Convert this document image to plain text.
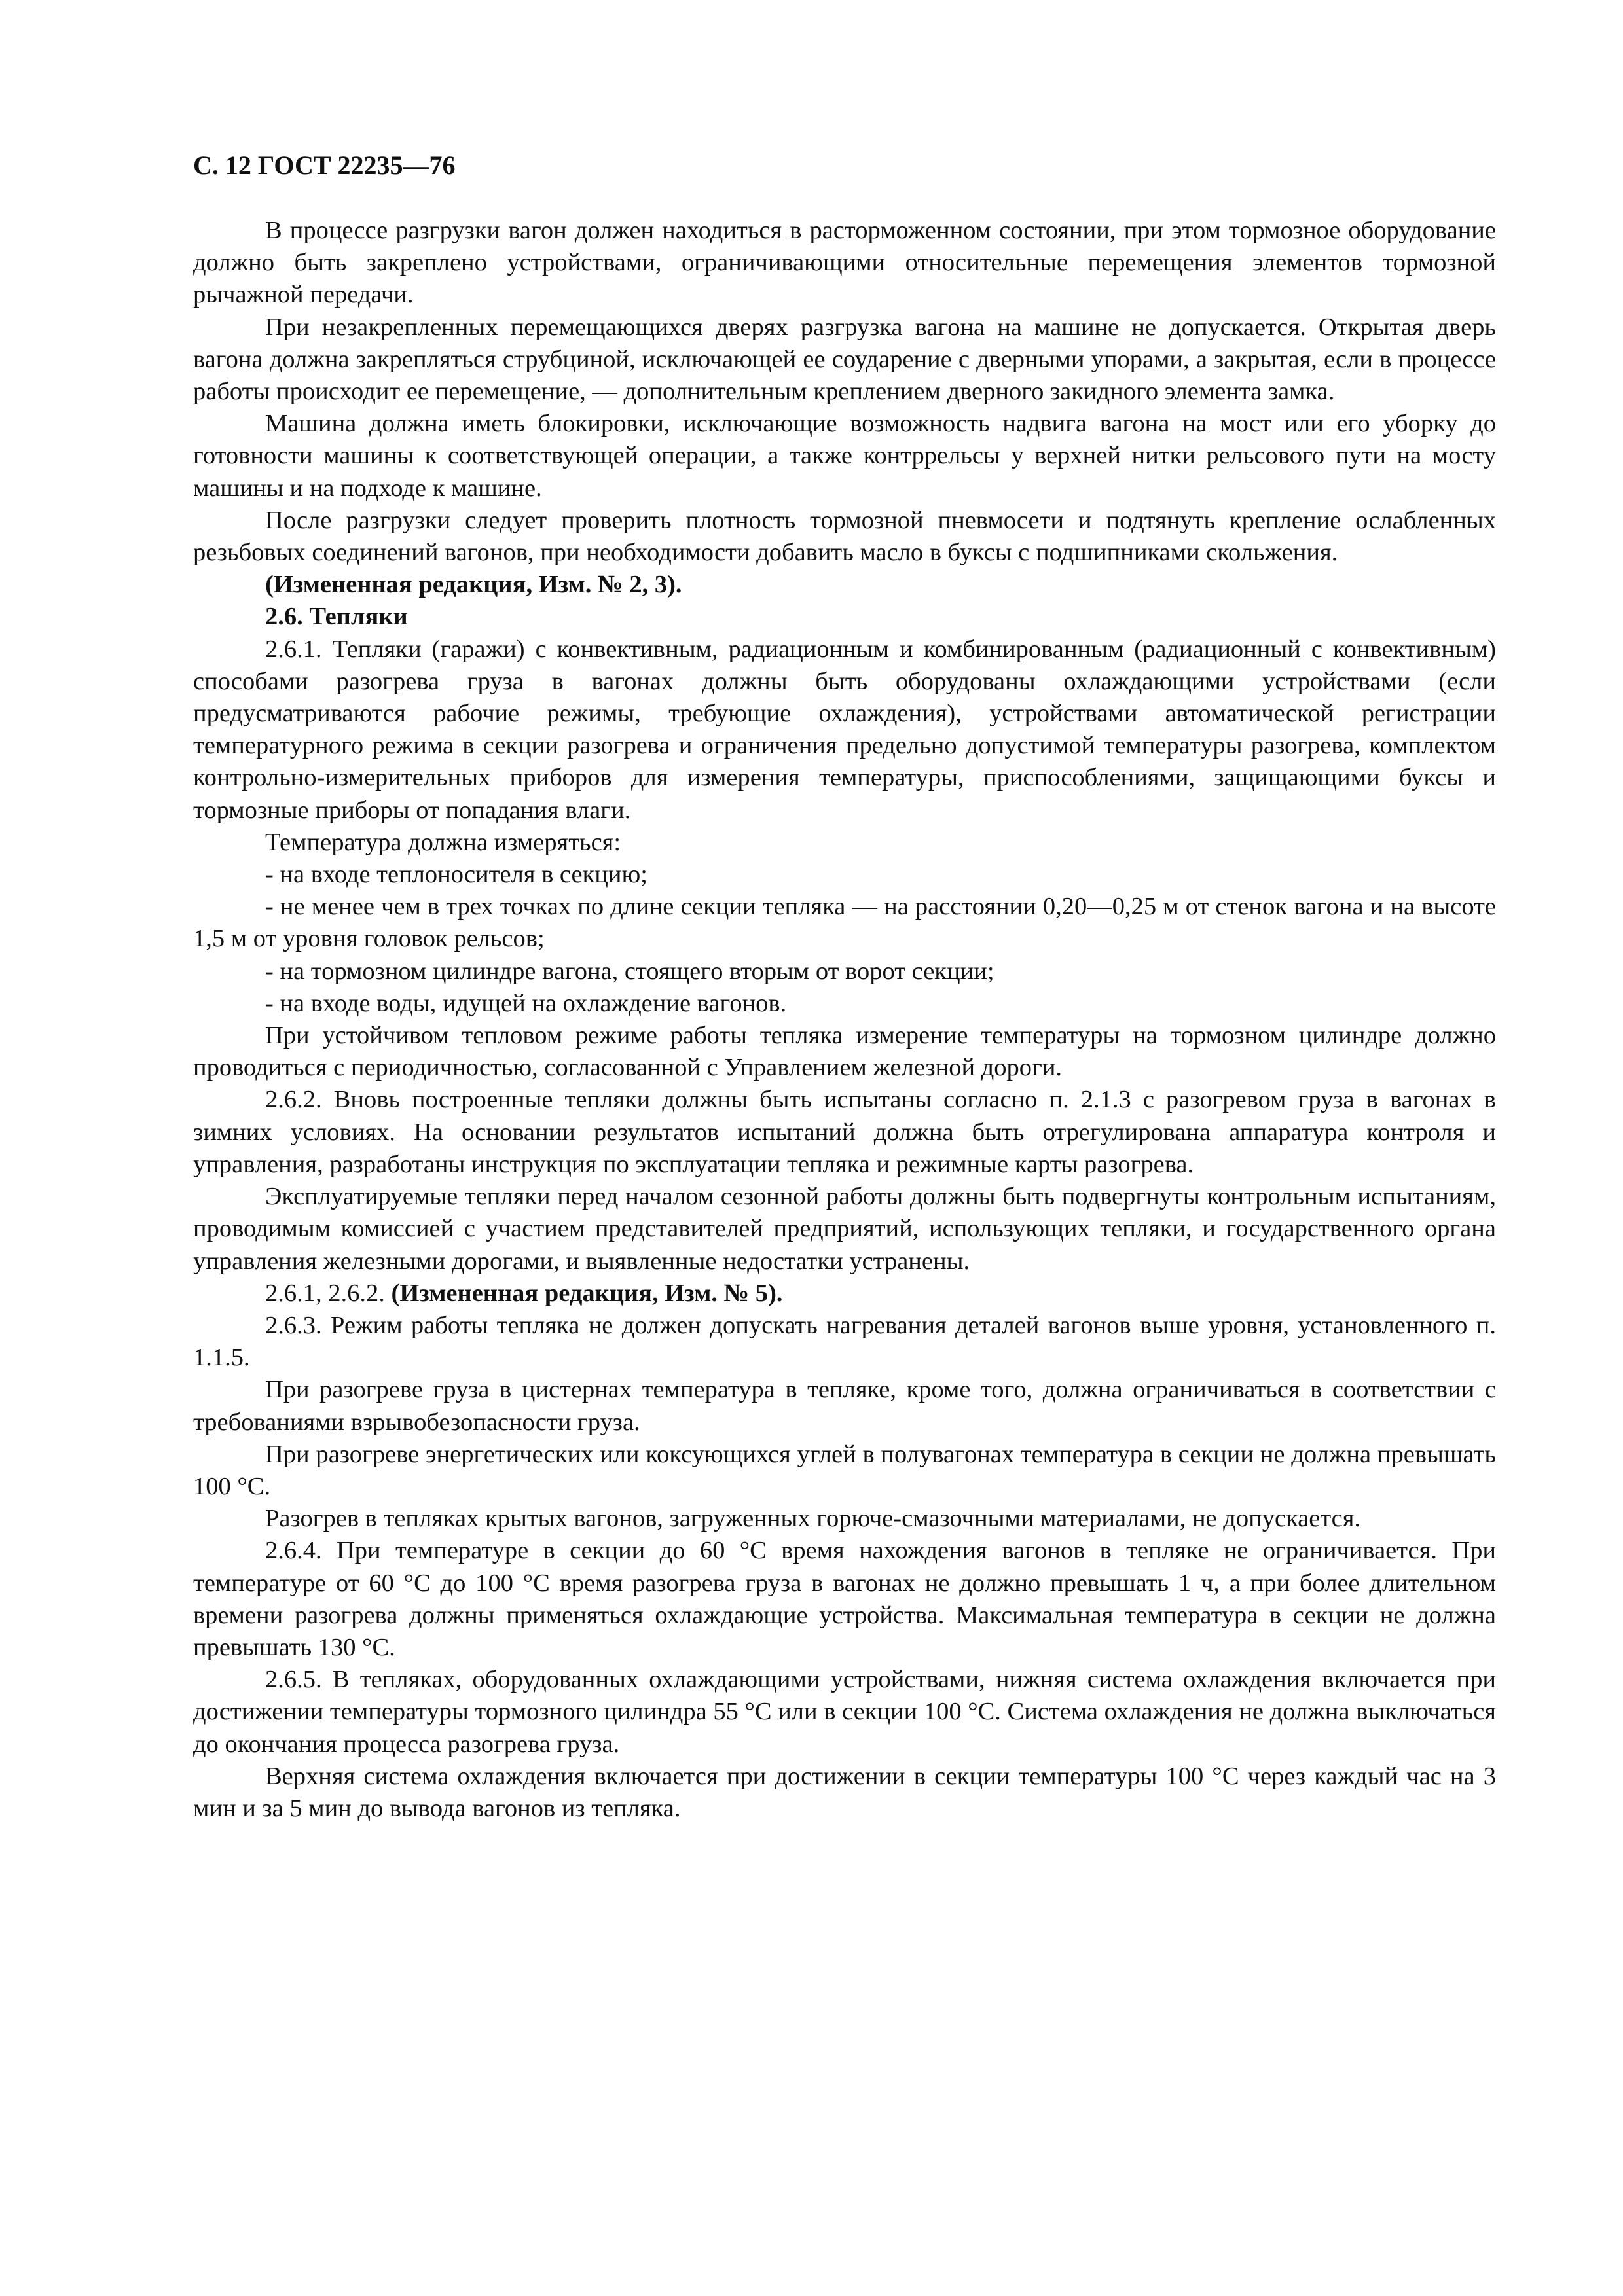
С. 12 ГОСТ 22235—76

В процессе разгрузки вагон должен находиться в расторможенном состоянии, при этом тормозное оборудование должно быть закреплено устройствами, ограничивающими относительные перемещения элементов тормозной рычажной передачи.

При незакрепленных перемещающихся дверях разгрузка вагона на машине не допускается. Открытая дверь вагона должна закрепляться струбциной, исключающей ее соударение с дверными упорами, а закрытая, если в процессе работы происходит ее перемещение, — дополнительным креплением дверного закидного элемента замка.

Машина должна иметь блокировки, исключающие возможность надвига вагона на мост или его уборку до готовности машины к соответствующей операции, а также контррельсы у верхней нитки рельсового пути на мосту машины и на подходе к машине.

После разгрузки следует проверить плотность тормозной пневмосети и подтянуть крепление ослабленных резьбовых соединений вагонов, при необходимости добавить масло в буксы с подшипниками скольжения.

(Измененная редакция, Изм. № 2, 3).

2.6. Тепляки

2.6.1. Тепляки (гаражи) с конвективным, радиационным и комбинированным (радиационный с конвективным) способами разогрева груза в вагонах должны быть оборудованы охлаждающими устройствами (если предусматриваются рабочие режимы, требующие охлаждения), устройствами автоматической регистрации температурного режима в секции разогрева и ограничения предельно допустимой температуры разогрева, комплектом контрольно-измерительных приборов для измерения температуры, приспособлениями, защищающими буксы и тормозные приборы от попадания влаги.

Температура должна измеряться:

- на входе теплоносителя в секцию;

- не менее чем в трех точках по длине секции тепляка — на расстоянии 0,20—0,25 м от стенок вагона и на высоте 1,5 м от уровня головок рельсов;

- на тормозном цилиндре вагона, стоящего вторым от ворот секции;

- на входе воды, идущей на охлаждение вагонов.

При устойчивом тепловом режиме работы тепляка измерение температуры на тормозном цилиндре должно проводиться с периодичностью, согласованной с Управлением железной дороги.

2.6.2. Вновь построенные тепляки должны быть испытаны согласно п. 2.1.3 с разогревом груза в вагонах в зимних условиях. На основании результатов испытаний должна быть отрегулирована аппаратура контроля и управления, разработаны инструкция по эксплуатации тепляка и режимные карты разогрева.

Эксплуатируемые тепляки перед началом сезонной работы должны быть подвергнуты контрольным испытаниям, проводимым комиссией с участием представителей предприятий, использующих тепляки, и государственного органа управления железными дорогами, и выявленные недостатки устранены.

2.6.1, 2.6.2. (Измененная редакция, Изм. № 5).

2.6.3. Режим работы тепляка не должен допускать нагревания деталей вагонов выше уровня, установленного п. 1.1.5.

При разогреве груза в цистернах температура в тепляке, кроме того, должна ограничиваться в соответствии с требованиями взрывобезопасности груза.

При разогреве энергетических или коксующихся углей в полувагонах температура в секции не должна превышать 100 °С.

Разогрев в тепляках крытых вагонов, загруженных горюче-смазочными материалами, не допускается.

2.6.4. При температуре в секции до 60 °С время нахождения вагонов в тепляке не ограничивается. При температуре от 60 °С до 100 °С время разогрева груза в вагонах не должно превышать 1 ч, а при более длительном времени разогрева должны применяться охлаждающие устройства. Максимальная температура в секции не должна превышать 130 °С.

2.6.5. В тепляках, оборудованных охлаждающими устройствами, нижняя система охлаждения включается при достижении температуры тормозного цилиндра 55 °С или в секции 100 °С. Система охлаждения не должна выключаться до окончания процесса разогрева груза.

Верхняя система охлаждения включается при достижении в секции температуры 100 °С через каждый час на 3 мин и за 5 мин до вывода вагонов из тепляка.
